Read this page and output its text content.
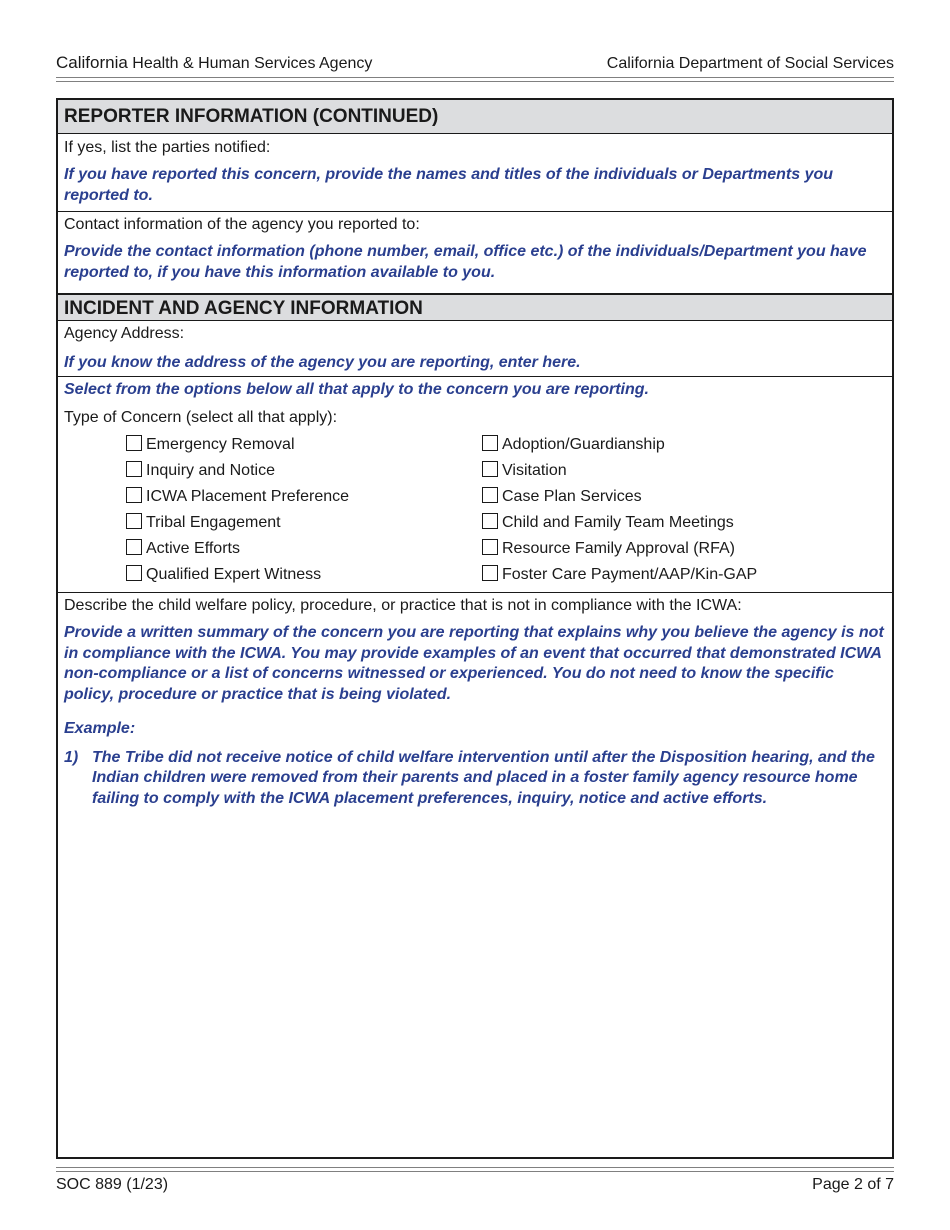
California Health & Human Services Agency	California Department of Social Services
REPORTER INFORMATION (CONTINUED)
If yes, list the parties notified:
If you have reported this concern, provide the names and titles of the individuals or Departments you reported to.
Contact information of the agency you reported to:
Provide the contact information (phone number, email, office etc.) of the individuals/Department you have reported to, if you have this information available to you.
INCIDENT AND AGENCY INFORMATION
Agency Address:
If you know the address of the agency you are reporting, enter here.
Select from the options below all that apply to the concern you are reporting.
Type of Concern (select all that apply):
Emergency Removal	Adoption/Guardianship
Inquiry and Notice	Visitation
ICWA Placement Preference	Case Plan Services
Tribal Engagement	Child and Family Team Meetings
Active Efforts	Resource Family Approval (RFA)
Qualified Expert Witness	Foster Care Payment/AAP/Kin-GAP
Describe the child welfare policy, procedure, or practice that is not in compliance with the ICWA:
Provide a written summary of the concern you are reporting that explains why you believe the agency is not in compliance with the ICWA. You may provide examples of an event that occurred that demonstrated ICWA non-compliance or a list of concerns witnessed or experienced. You do not need to know the specific policy, procedure or practice that is being violated.
Example:
1) The Tribe did not receive notice of child welfare intervention until after the Disposition hearing, and the Indian children were removed from their parents and placed in a foster family agency resource home failing to comply with the ICWA placement preferences, inquiry, notice and active efforts.
SOC 889 (1/23)	Page 2 of 7
